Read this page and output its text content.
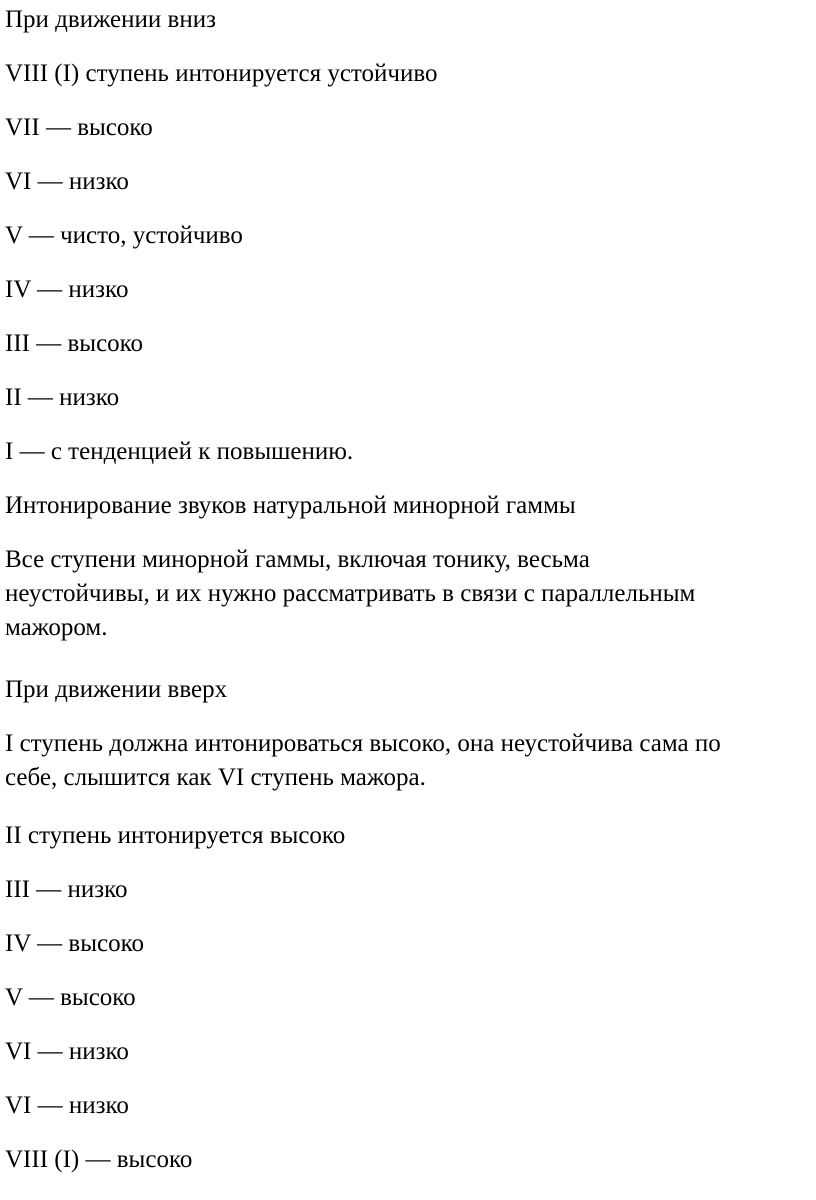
При движении вниз
VIII (I) ступень интонируется устойчиво
VII — высоко
VI — низко
V — чисто, устойчиво
IV — низко
III — высоко
II — низко
I — с тенденцией к повышению.
Интонирование звуков натуральной минорной гаммы
Все ступени минорной гаммы, включая тонику, весьма
неустойчивы, и их нужно рассматривать в связи с параллельным
мажором.
При движении вверх
I ступень должна интонироваться высоко, она неустойчива сама по
себе, слышится как VI ступень мажора.
II ступень интонируется высоко
III — низко
IV — высоко
V — высоко
VI — низко
VI — низко
VIII (I) — высоко
